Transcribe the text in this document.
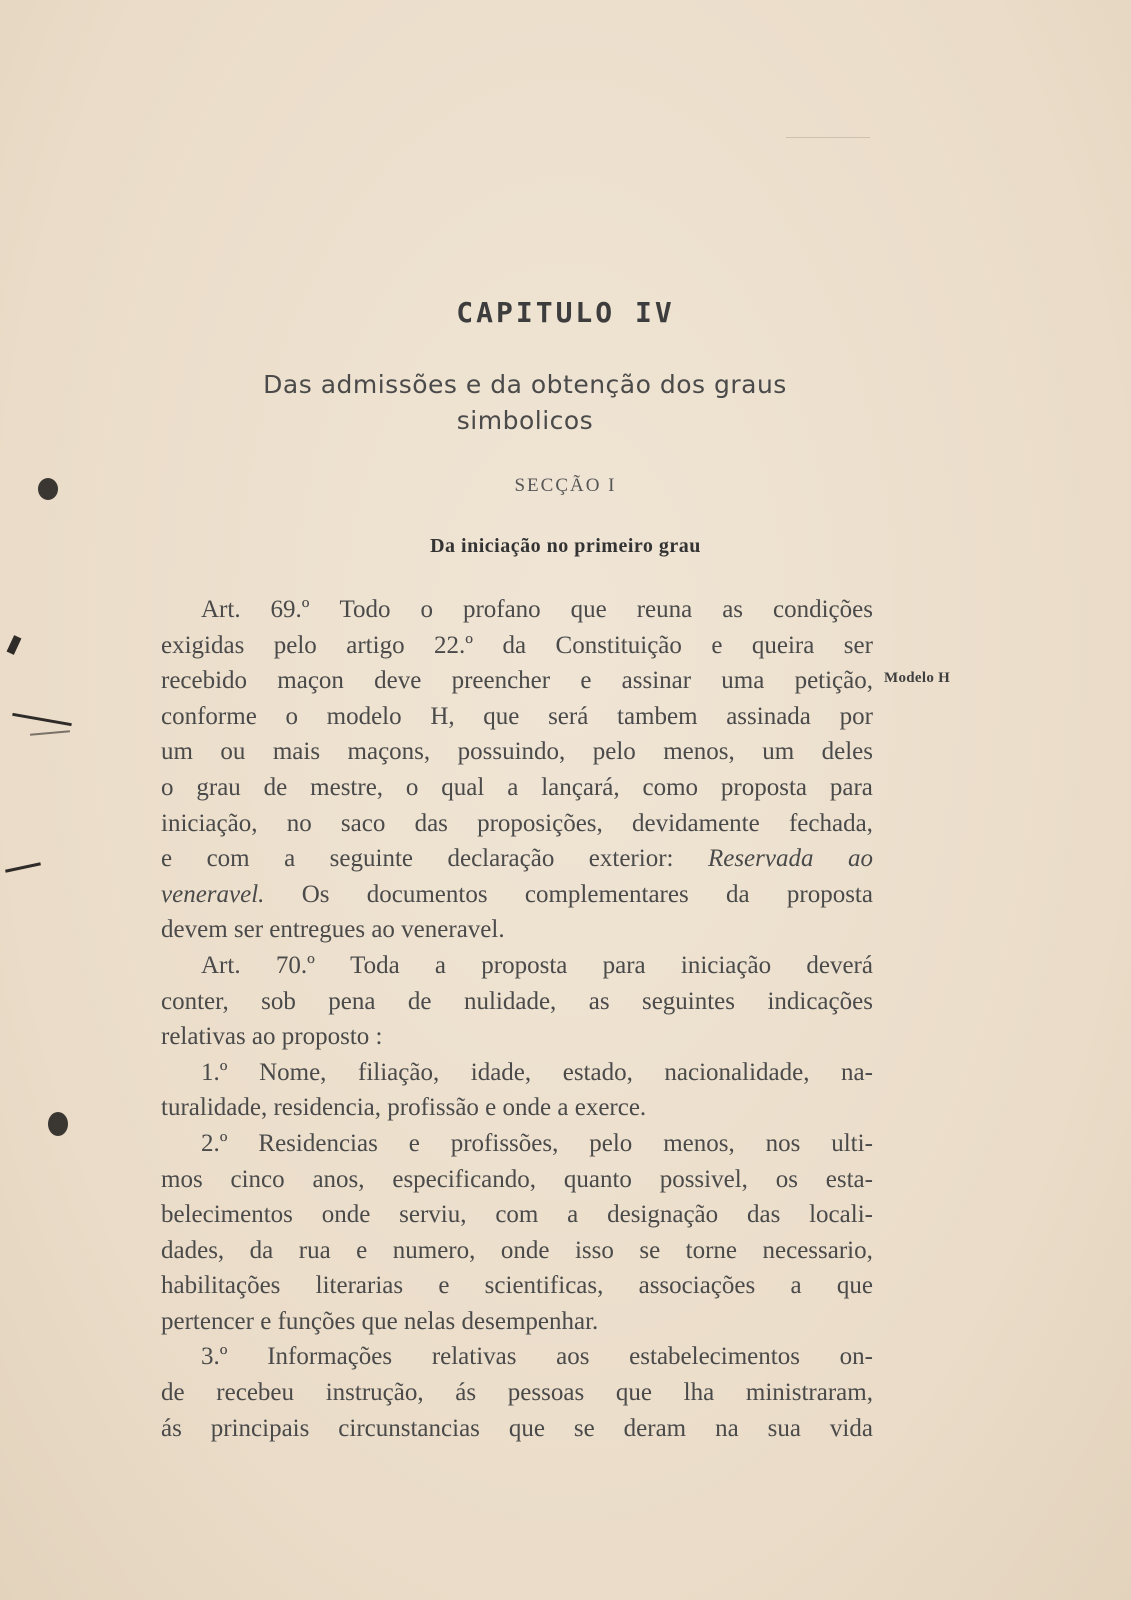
CAPITULO IV
Das admissões e da obtenção dos graus
simbolicos
SECÇÃO I
Da iniciação no primeiro grau
Art. 69.º Todo o profano que reuna as condições
exigidas pelo artigo 22.º da Constituição e queira ser
recebido maçon deve preencher e assinar uma petição,
conforme o modelo H, que será tambem assinada por
um ou mais maçons, possuindo, pelo menos, um deles
o grau de mestre, o qual a lançará, como proposta para
iniciação, no saco das proposições, devidamente fechada,
e com a seguinte declaração exterior: Reservada ao
veneravel. Os documentos complementares da proposta
devem ser entregues ao veneravel.
Art. 70.º Toda a proposta para iniciação deverá
conter, sob pena de nulidade, as seguintes indicações
relativas ao proposto :
1.º Nome, filiação, idade, estado, nacionalidade, na-
turalidade, residencia, profissão e onde a exerce.
2.º Residencias e profissões, pelo menos, nos ulti-
mos cinco anos, especificando, quanto possivel, os esta-
belecimentos onde serviu, com a designação das locali-
dades, da rua e numero, onde isso se torne necessario,
habilitações literarias e scientificas, associações a que
pertencer e funções que nelas desempenhar.
3.º Informações relativas aos estabelecimentos on-
de recebeu instrução, ás pessoas que lha ministraram,
ás principais circunstancias que se deram na sua vida
Modelo H
